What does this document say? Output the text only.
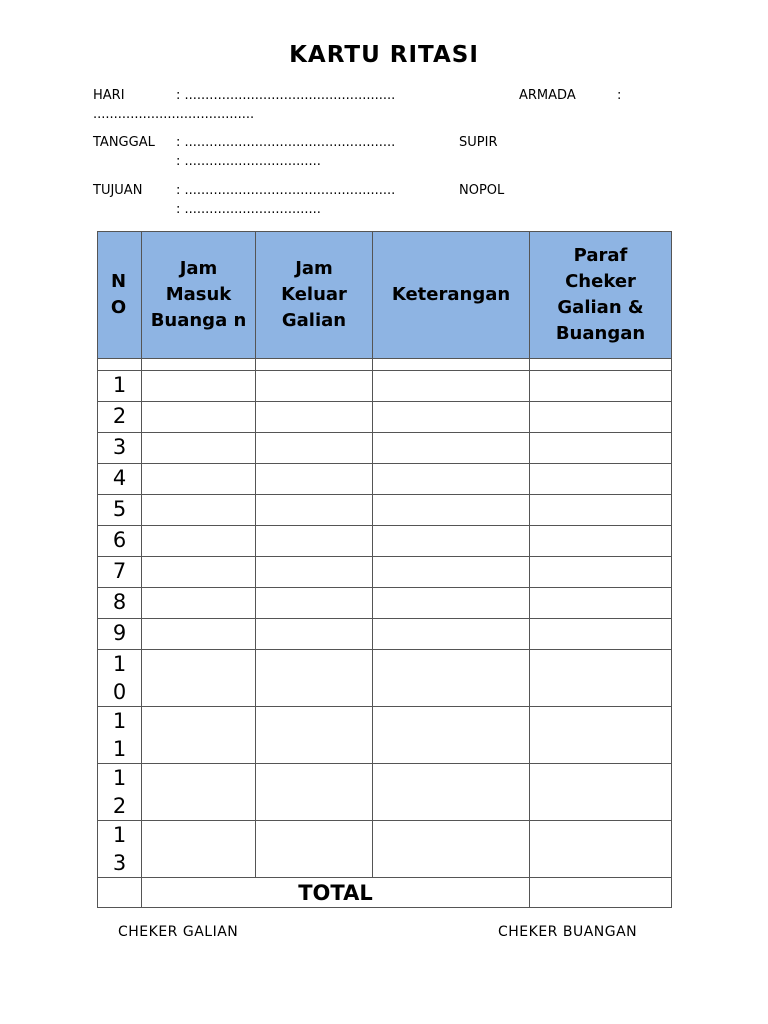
KARTU RITASI
HARI	: ...................................................	ARMADA	:
.......................................
TANGGAL : ...................................................	SUPIR
: .................................
TUJUAN	: ...................................................	NOPOL
: .................................
N O	Jam Masuk Buanga n	Jam Keluar Galian	Keterangan	Paraf Cheker Galian & Buangan

1				
2				
3				
4				
5				
6				
7				
8				
9				
1 0				
1 1				
1 2				
1 3				
	TOTAL			
CHEKER GALIAN	CHEKER BUANGAN
